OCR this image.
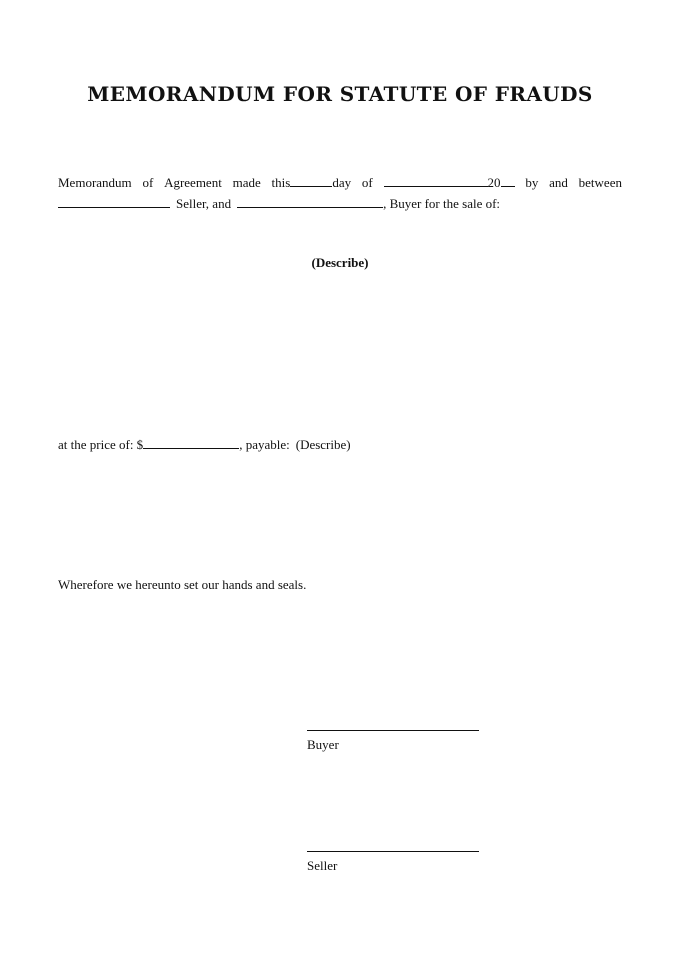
MEMORANDUM FOR STATUTE OF FRAUDS
Memorandum of Agreement made this	day of	20	by and between
Seller, and	, Buyer for the sale of:
(Describe)
at the price of: $	, payable: (Describe)
Wherefore we hereunto set our hands and seals.
Buyer
Seller
